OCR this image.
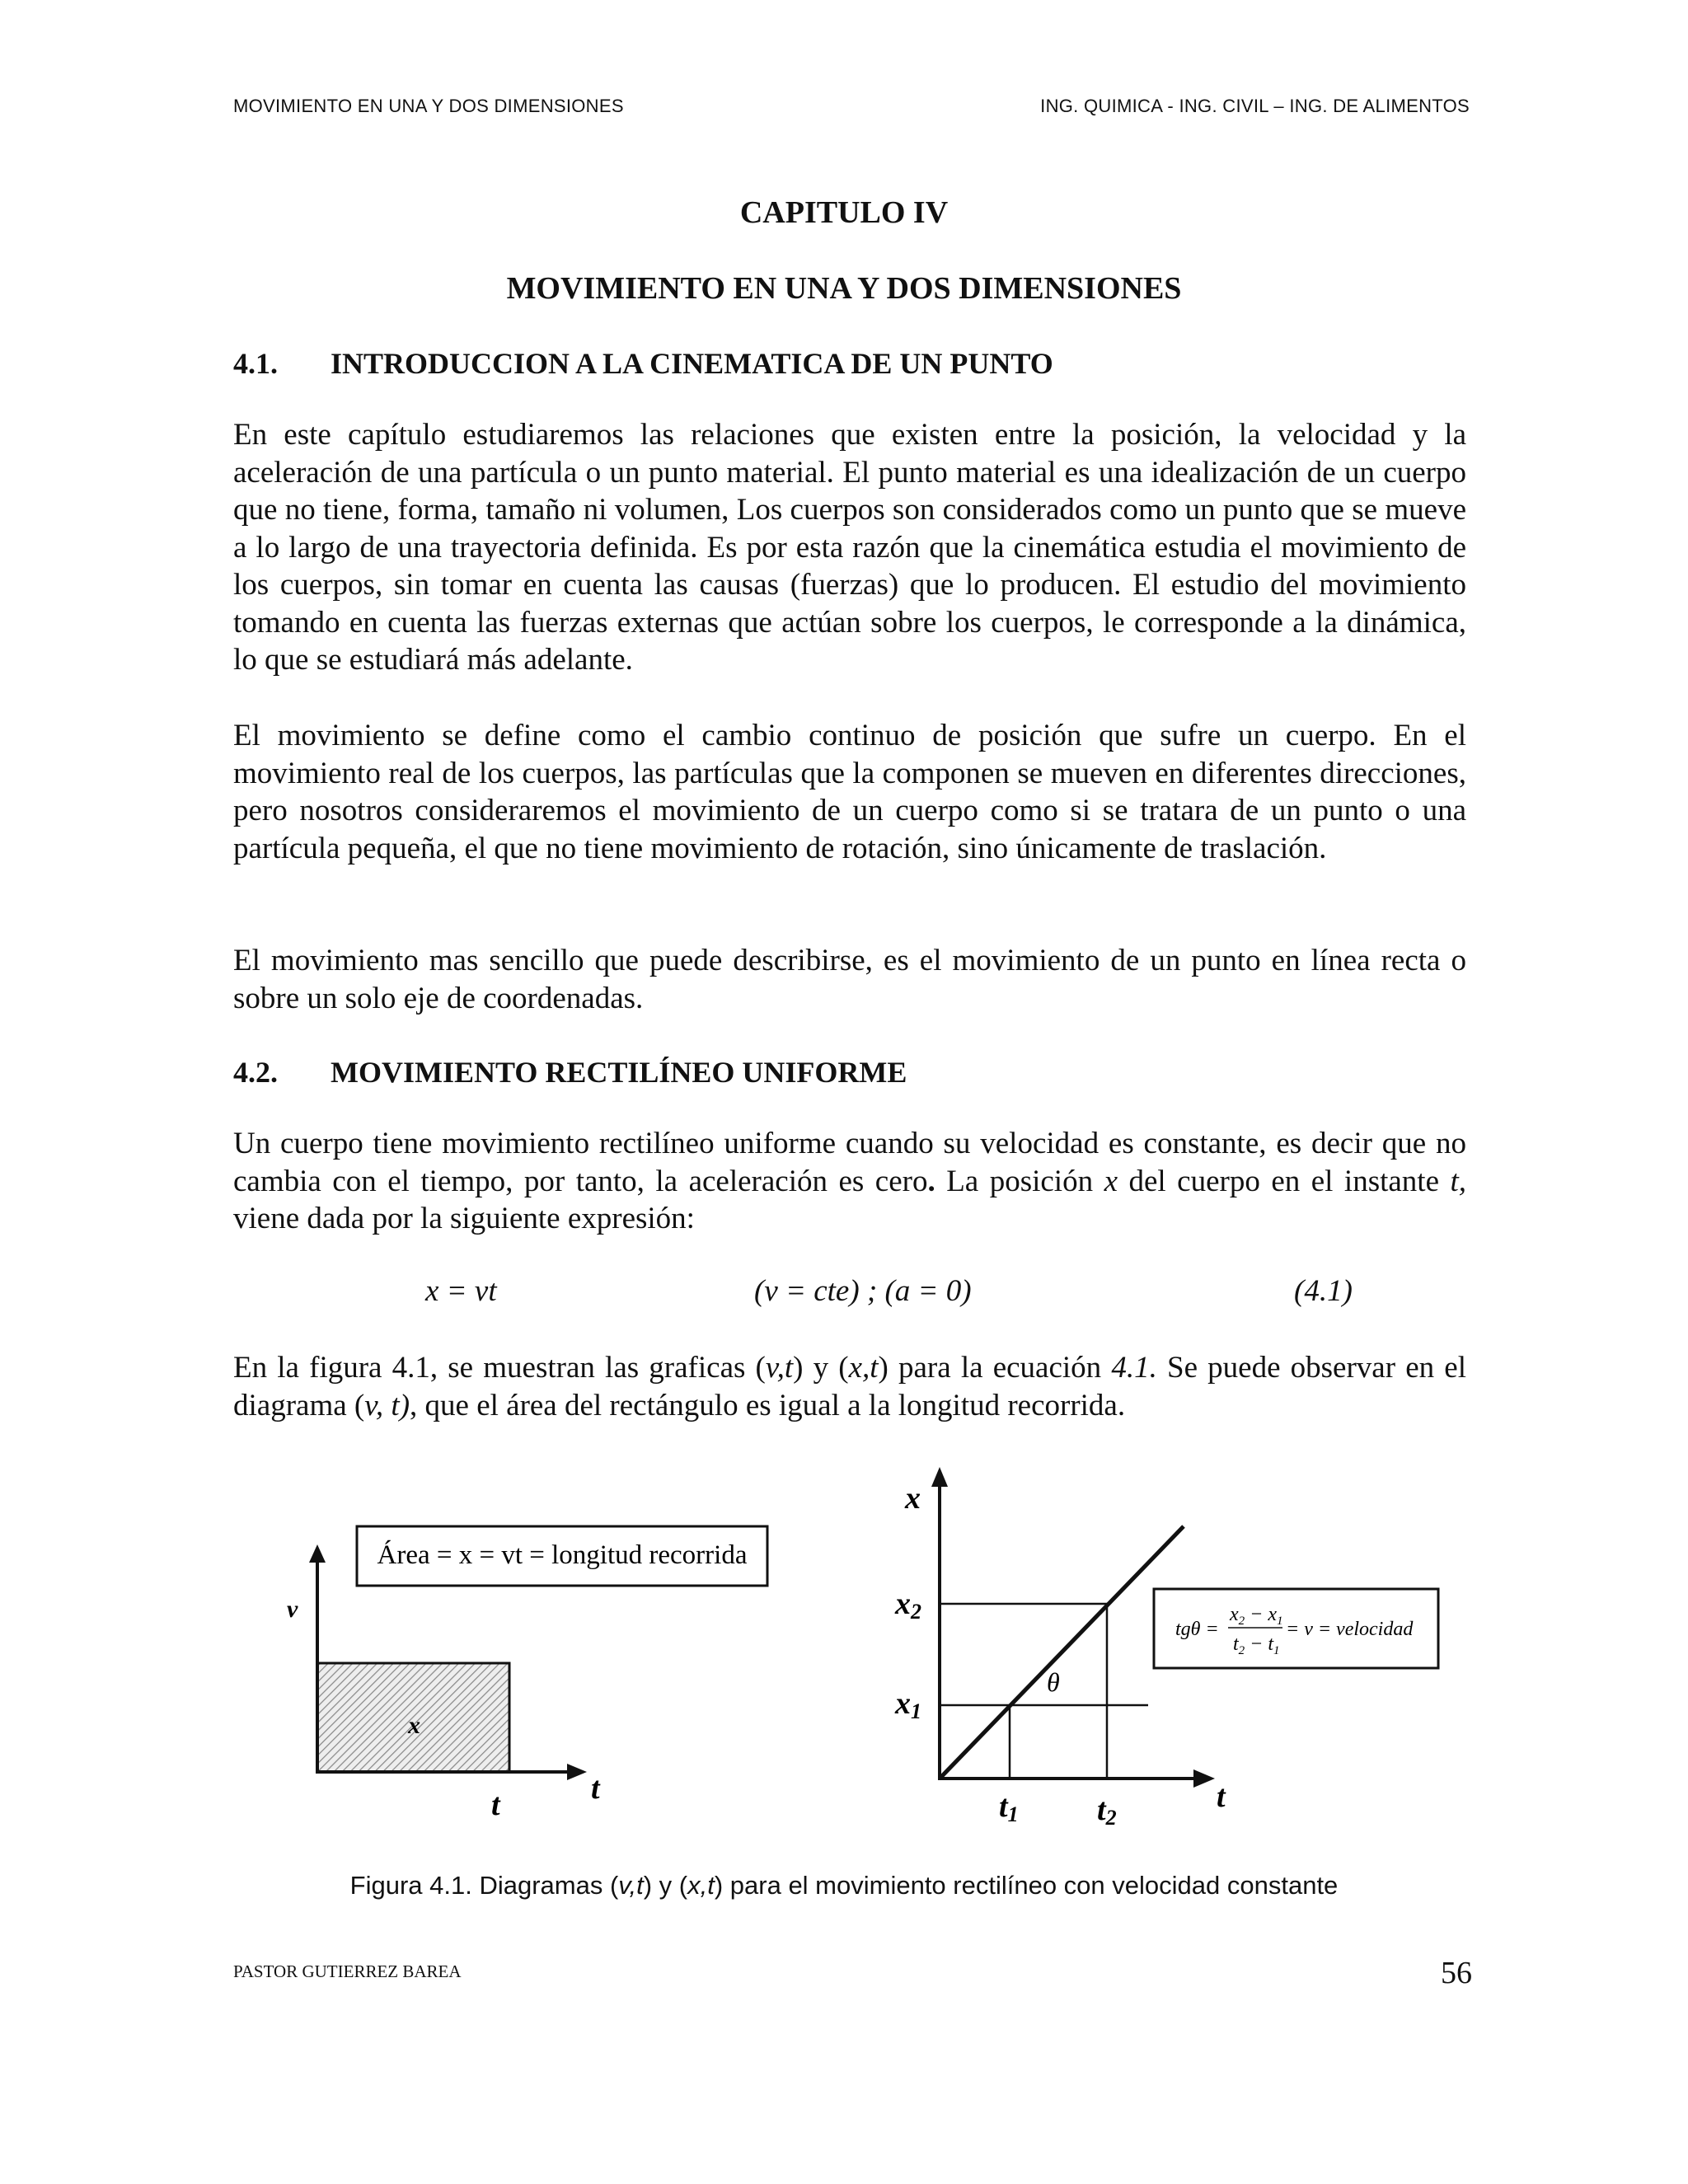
MOVIMIENTO EN UNA Y DOS DIMENSIONES	ING. QUIMICA - ING. CIVIL – ING. DE ALIMENTOS
CAPITULO IV
MOVIMIENTO EN UNA Y DOS DIMENSIONES
4.1. INTRODUCCION A LA CINEMATICA DE UN PUNTO
En este capítulo estudiaremos las relaciones que existen entre la posición, la velocidad y la aceleración de una partícula o un punto material. El punto material es una idealización de un cuerpo que no tiene, forma, tamaño ni volumen, Los cuerpos son considerados como un punto que se mueve a lo largo de una trayectoria definida. Es por esta razón que la cinemática estudia el movimiento de los cuerpos, sin tomar en cuenta las causas (fuerzas) que lo producen. El estudio del movimiento tomando en cuenta las fuerzas externas que actúan sobre los cuerpos, le corresponde a la dinámica, lo que se estudiará más adelante.
El movimiento se define como el cambio continuo de posición que sufre un cuerpo. En el movimiento real de los cuerpos, las partículas que la componen se mueven en diferentes direcciones, pero nosotros consideraremos el movimiento de un cuerpo como si se tratara de un punto o una partícula pequeña, el que no tiene movimiento de rotación, sino únicamente de traslación.
El movimiento mas sencillo que puede describirse, es el movimiento de un punto en línea recta o sobre un solo eje de coordenadas.
4.2. MOVIMIENTO RECTILÍNEO UNIFORME
Un cuerpo tiene movimiento rectilíneo uniforme cuando su velocidad es constante, es decir que no cambia con el tiempo, por tanto, la aceleración es cero. La posición x del cuerpo en el instante t, viene dada por la siguiente expresión:
x = vt	(v = cte) ; (a = 0)	(4.1)
En la figura 4.1, se muestran las graficas (v,t) y (x,t) para la ecuación 4.1. Se puede observar en el diagrama (v, t), que el área del rectángulo es igual a la longitud recorrida.
v
t
t
x
Área = x = vt = longitud recorrida
x
t
x2
x1
t1	t2
θ
tgθ =
$x_2 - x_1$
$t_2 - t_1$
= v = velocidad
Figura 4.1. Diagramas (v,t) y (x,t) para el movimiento rectilíneo con velocidad constante
PASTOR GUTIERREZ BAREA	56
